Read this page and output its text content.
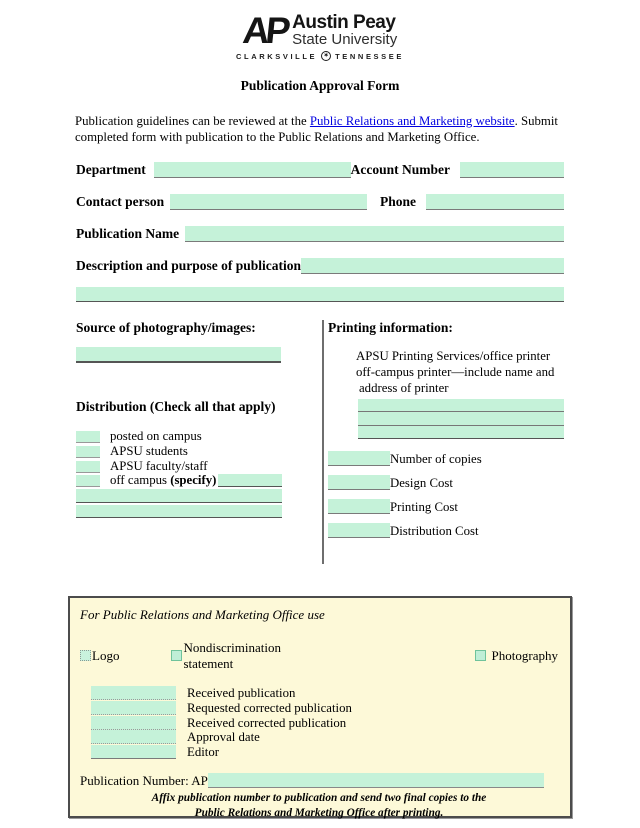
AP Austin Peay
State University
CLARKSVILLE	✶ TENNESSEE
Publication Approval Form
Publication guidelines can be reviewed at the Public Relations and Marketing website. Submit completed form with publication to the Public Relations and Marketing Office.
Department	Account Number
Contact person	Phone
Publication Name
Description and purpose of publication
Source of photography/images:
Distribution (Check all that apply)
posted on campus
APSU students
APSU faculty/staff
off campus (specify)
Printing information:
APSU Printing Services/office printer
off-campus printer—include name and
address of printer
Number of copies
Design Cost
Printing Cost
Distribution Cost
For Public Relations and Marketing Office use
Logo
Nondiscrimination statement
Photography
Received publication
Requested corrected publication
Received corrected publication
Approval date
Editor
Publication Number: AP
Affix publication number to publication and send two final copies to the
Public Relations and Marketing Office after printing.
